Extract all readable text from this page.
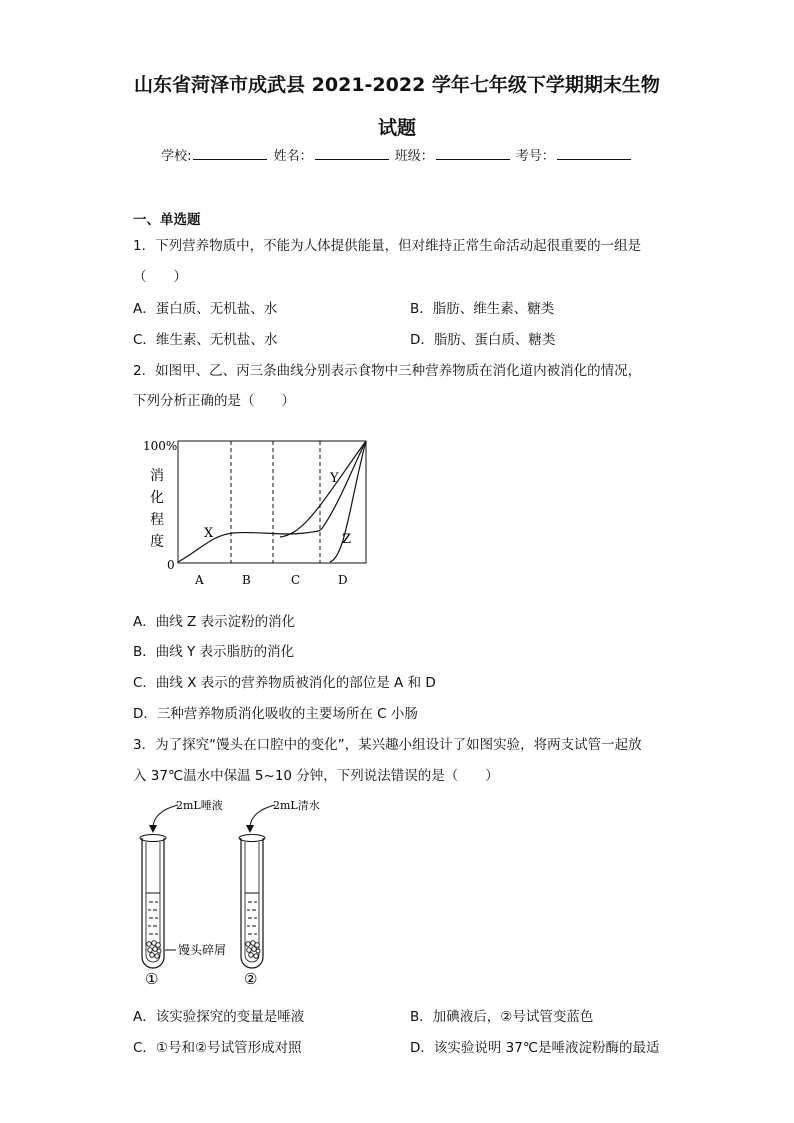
山东省菏泽市成武县 2021-2022 学年七年级下学期期末生物
试题
学校:	姓名：	班级：	考号：
一、单选题
1．下列营养物质中，不能为人体提供能量，但对维持正常生命活动起很重要的一组是
（　　）
A．蛋白质、无机盐、水	B．脂肪、维生素、糖类
C．维生素、无机盐、水	D．脂肪、蛋白质、糖类
2．如图甲、乙、丙三条曲线分别表示食物中三种营养物质在消化道内被消化的情况，
下列分析正确的是（　　）
100%
0
消
化
程
度
X
Y
Z
A	B	C	D
A．曲线 Z 表示淀粉的消化
B．曲线 Y 表示脂肪的消化
C．曲线 X 表示的营养物质被消化的部位是 A 和 D
D．三种营养物质消化吸收的主要场所在 C 小肠
3．为了探究“馒头在口腔中的变化”，某兴趣小组设计了如图实验，将两支试管一起放
入 37℃温水中保温 5~10 分钟，下列说法错误的是（　　）
2mL唾液	2mL清水
馒头碎屑
①	②
A．该实验探究的变量是唾液	B．加碘液后，②号试管变蓝色
C．①号和②号试管形成对照	D．该实验说明 37℃是唾液淀粉酶的最适
